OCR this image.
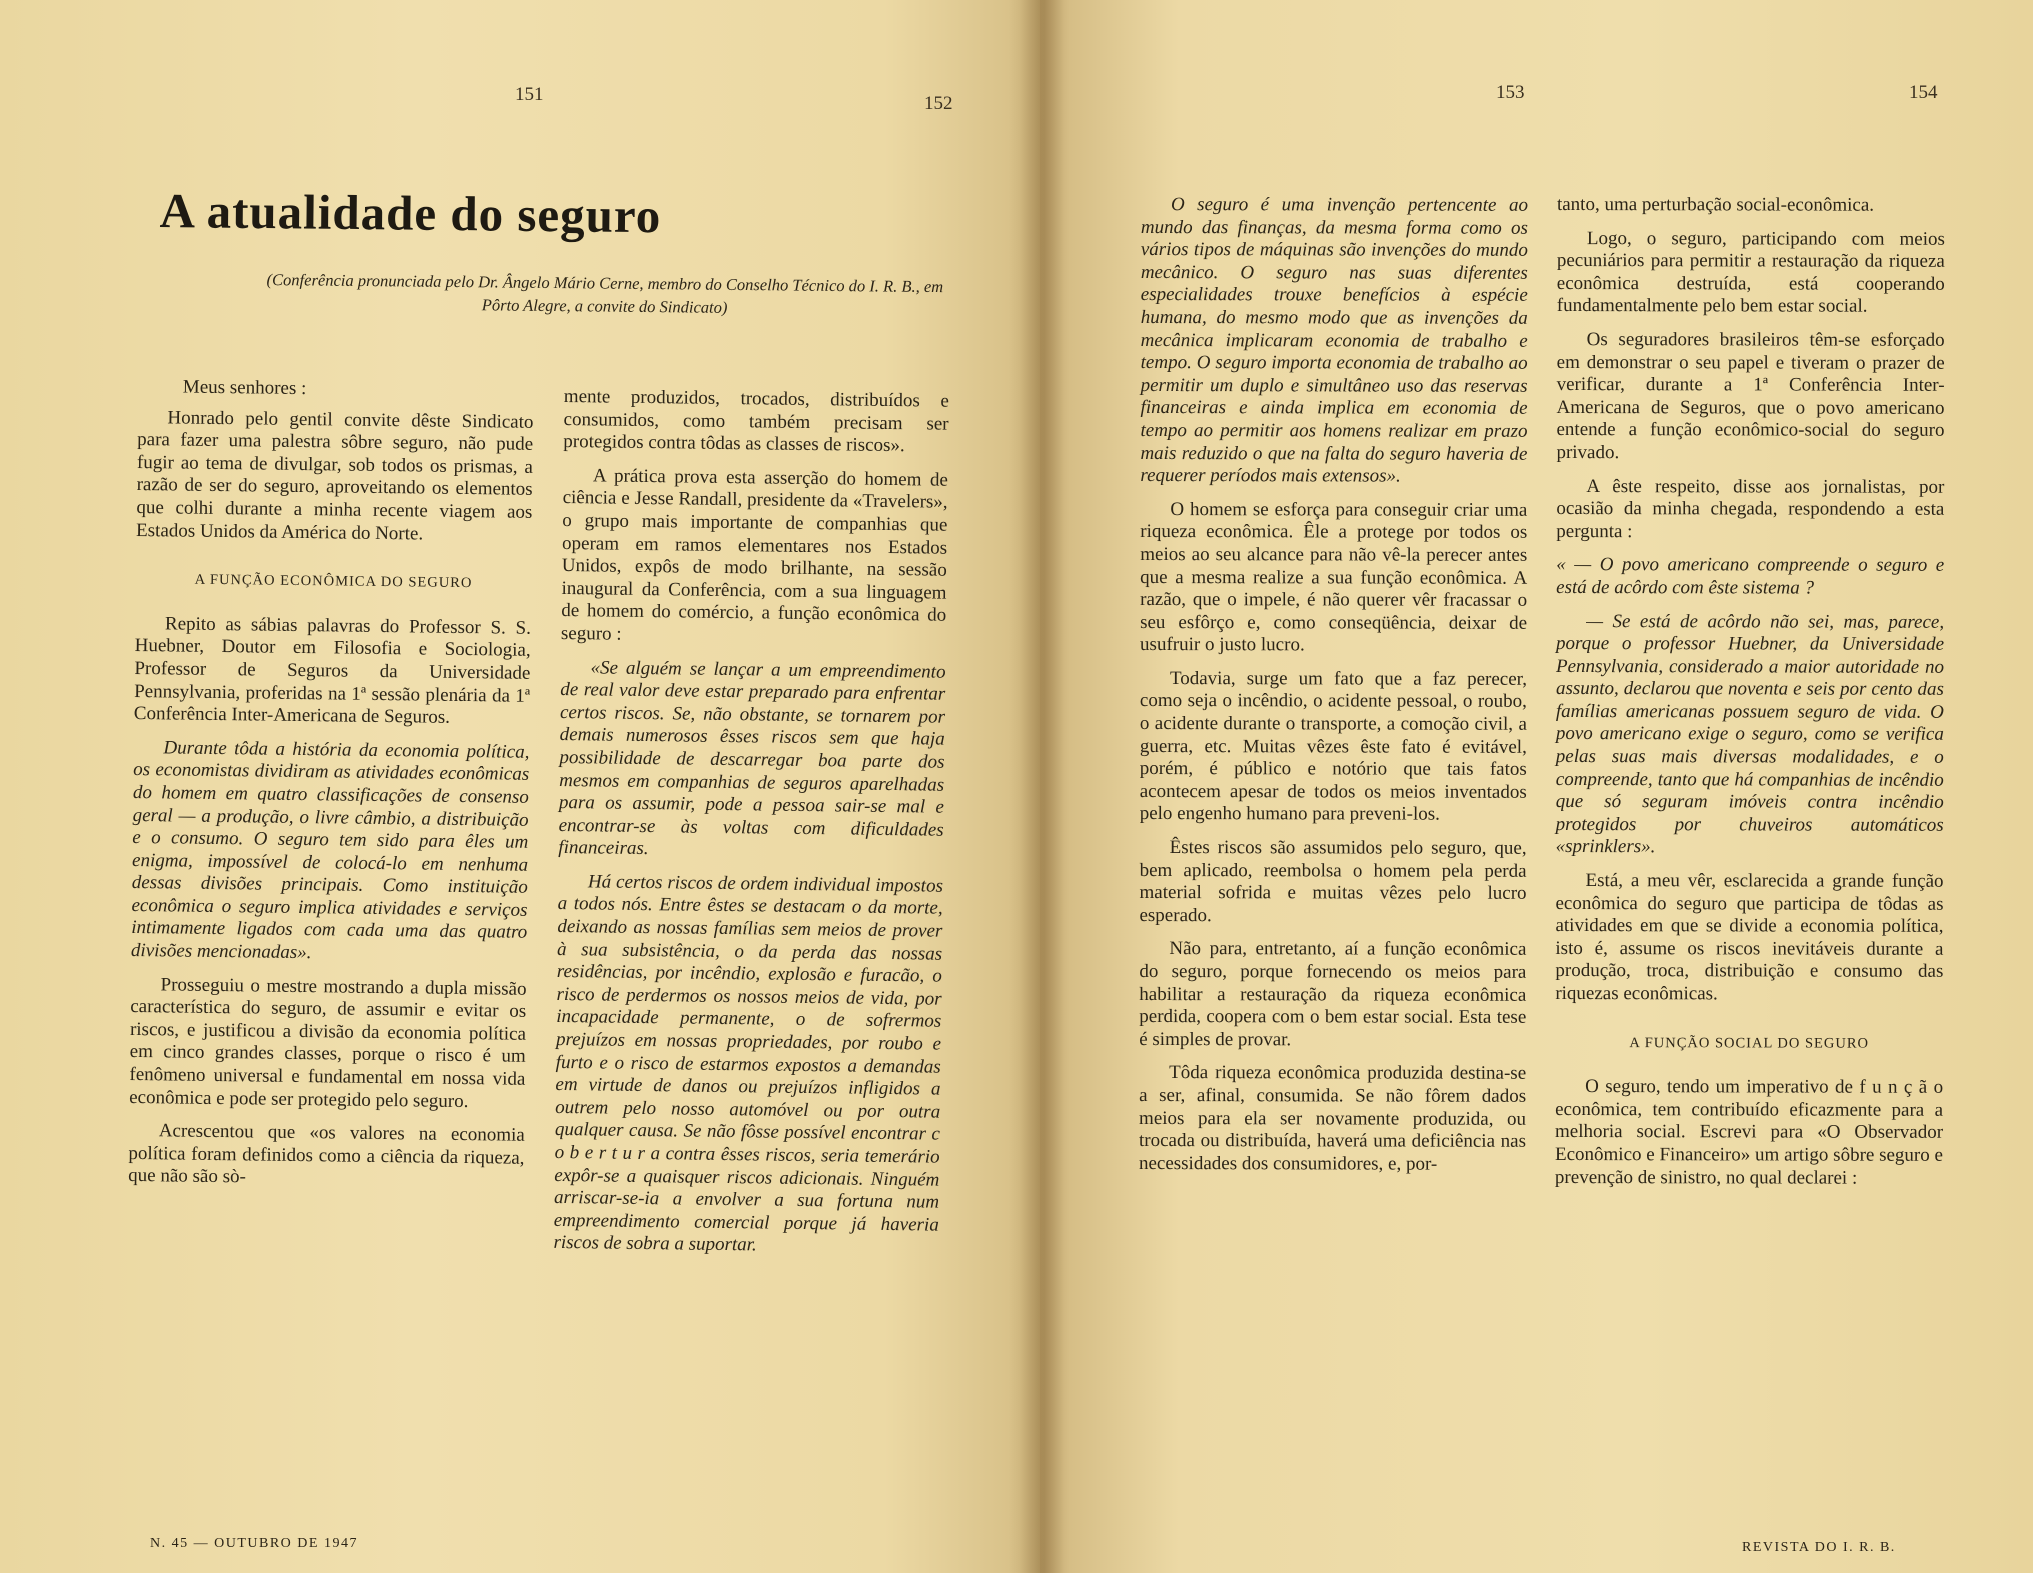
151	152
A atualidade do seguro

(Conferência pronunciada pelo Dr. Ângelo Mário Cerne, membro do Conselho Técnico do I. R. B., em Pôrto Alegre, a convite do Sindicato)

Meus senhores :

Honrado pelo gentil convite dêste Sindicato para fazer uma palestra sôbre seguro, não pude fugir ao tema de divulgar, sob todos os prismas, a razão de ser do seguro, aproveitando os elementos que colhi durante a minha recente viagem aos Estados Unidos da América do Norte.

A FUNÇÃO ECONÔMICA DO SEGURO

Repito as sábias palavras do Professor S. S. Huebner, Doutor em Filosofia e Sociologia, Professor de Seguros da Universidade Pennsylvania, proferidas na 1ª sessão plenária da 1ª Conferência Inter-Americana de Seguros.

Durante tôda a história da economia política, os economistas dividiram as atividades econômicas do homem em quatro classificações de consenso geral — a produção, o livre câmbio, a distribuição e o consumo. O seguro tem sido para êles um enigma, impossível de colocá-lo em nenhuma dessas divisões principais. Como instituição econômica o seguro implica atividades e serviços intimamente ligados com cada uma das quatro divisões mencionadas».

Prosseguiu o mestre mostrando a dupla missão característica do seguro, de assumir e evitar os riscos, e justificou a divisão da economia política em cinco grandes classes, porque o risco é um fenômeno universal e fundamental em nossa vida econômica e pode ser protegido pelo seguro.

Acrescentou que «os valores na economia política foram definidos como a ciência da riqueza, que não são sò-

mente produzidos, trocados, distribuídos e consumidos, como também precisam ser protegidos contra tôdas as classes de riscos».

A prática prova esta asserção do homem de ciência e Jesse Randall, presidente da «Travelers», o grupo mais importante de companhias que operam em ramos elementares nos Estados Unidos, expôs de modo brilhante, na sessão inaugural da Conferência, com a sua linguagem de homem do comércio, a função econômica do seguro :

«Se alguém se lançar a um empreendimento de real valor deve estar preparado para enfrentar certos riscos. Se, não obstante, se tornarem por demais numerosos êsses riscos sem que haja possibilidade de descarregar boa parte dos mesmos em companhias de seguros aparelhadas para os assumir, pode a pessoa sair-se mal e encontrar-se às voltas com dificuldades financeiras.

Há certos riscos de ordem individual impostos a todos nós. Entre êstes se destacam o da morte, deixando as nossas famílias sem meios de prover à sua subsistência, o da perda das nossas residências, por incêndio, explosão e furacão, o risco de perdermos os nossos meios de vida, por incapacidade permanente, o de sofrermos prejuízos em nossas propriedades, por roubo e furto e o risco de estarmos expostos a demandas em virtude de danos ou prejuízos infligidos a outrem pelo nosso automóvel ou por outra qualquer causa. Se não fôsse possível encontrar c o b e r t u r a contra êsses riscos, seria temerário expôr-se a quaisquer riscos adicionais. Ninguém arriscar-se-ia a envolver a sua fortuna num empreendimento comercial porque já haveria riscos de sobra a suportar.

N. 45 — OUTUBRO DE 1947
153	154

O seguro é uma invenção pertencente ao mundo das finanças, da mesma forma como os vários tipos de máquinas são invenções do mundo mecânico. O seguro nas suas diferentes especialidades trouxe benefícios à espécie humana, do mesmo modo que as invenções da mecânica implicaram economia de trabalho e tempo. O seguro importa economia de trabalho ao permitir um duplo e simultâneo uso das reservas financeiras e ainda implica em economia de tempo ao permitir aos homens realizar em prazo mais reduzido o que na falta do seguro haveria de requerer períodos mais extensos».

O homem se esforça para conseguir criar uma riqueza econômica. Êle a protege por todos os meios ao seu alcance para não vê-la perecer antes que a mesma realize a sua função econômica. A razão, que o impele, é não querer vêr fracassar o seu esfôrço e, como conseqüência, deixar de usufruir o justo lucro.

Todavia, surge um fato que a faz perecer, como seja o incêndio, o acidente pessoal, o roubo, o acidente durante o transporte, a comoção civil, a guerra, etc. Muitas vêzes êste fato é evitável, porém, é público e notório que tais fatos acontecem apesar de todos os meios inventados pelo engenho humano para preveni-los.

Êstes riscos são assumidos pelo seguro, que, bem aplicado, reembolsa o homem pela perda material sofrida e muitas vêzes pelo lucro esperado.

Não para, entretanto, aí a função econômica do seguro, porque fornecendo os meios para habilitar a restauração da riqueza econômica perdida, coopera com o bem estar social. Esta tese é simples de provar.

Tôda riqueza econômica produzida destina-se a ser, afinal, consumida. Se não fôrem dados meios para ela ser novamente produzida, ou trocada ou distribuída, haverá uma deficiência nas necessidades dos consumidores, e, por-

tanto, uma perturbação social-econômica.

Logo, o seguro, participando com meios pecuniários para permitir a restauração da riqueza econômica destruída, está cooperando fundamentalmente pelo bem estar social.

Os seguradores brasileiros têm-se esforçado em demonstrar o seu papel e tiveram o prazer de verificar, durante a 1ª Conferência Inter-Americana de Seguros, que o povo americano entende a função econômico-social do seguro privado.

A êste respeito, disse aos jornalistas, por ocasião da minha chegada, respondendo a esta pergunta :

« — O povo americano compreende o seguro e está de acôrdo com êste sistema ?

— Se está de acôrdo não sei, mas, parece, porque o professor Huebner, da Universidade Pennsylvania, considerado a maior autoridade no assunto, declarou que noventa e seis por cento das famílias americanas possuem seguro de vida. O povo americano exige o seguro, como se verifica pelas suas mais diversas modalidades, e o compreende, tanto que há companhias de incêndio que só seguram imóveis contra incêndio protegidos por chuveiros automáticos «sprinklers».

Está, a meu vêr, esclarecida a grande função econômica do seguro que participa de tôdas as atividades em que se divide a economia política, isto é, assume os riscos inevitáveis durante a produção, troca, distribuição e consumo das riquezas econômicas.

A FUNÇÃO SOCIAL DO SEGURO

O seguro, tendo um imperativo de f u n ç ã o econômica, tem contribuído eficazmente para a melhoria social. Escrevi para «O Observador Econômico e Financeiro» um artigo sôbre seguro e prevenção de sinistro, no qual declarei :

REVISTA DO I. R. B.
